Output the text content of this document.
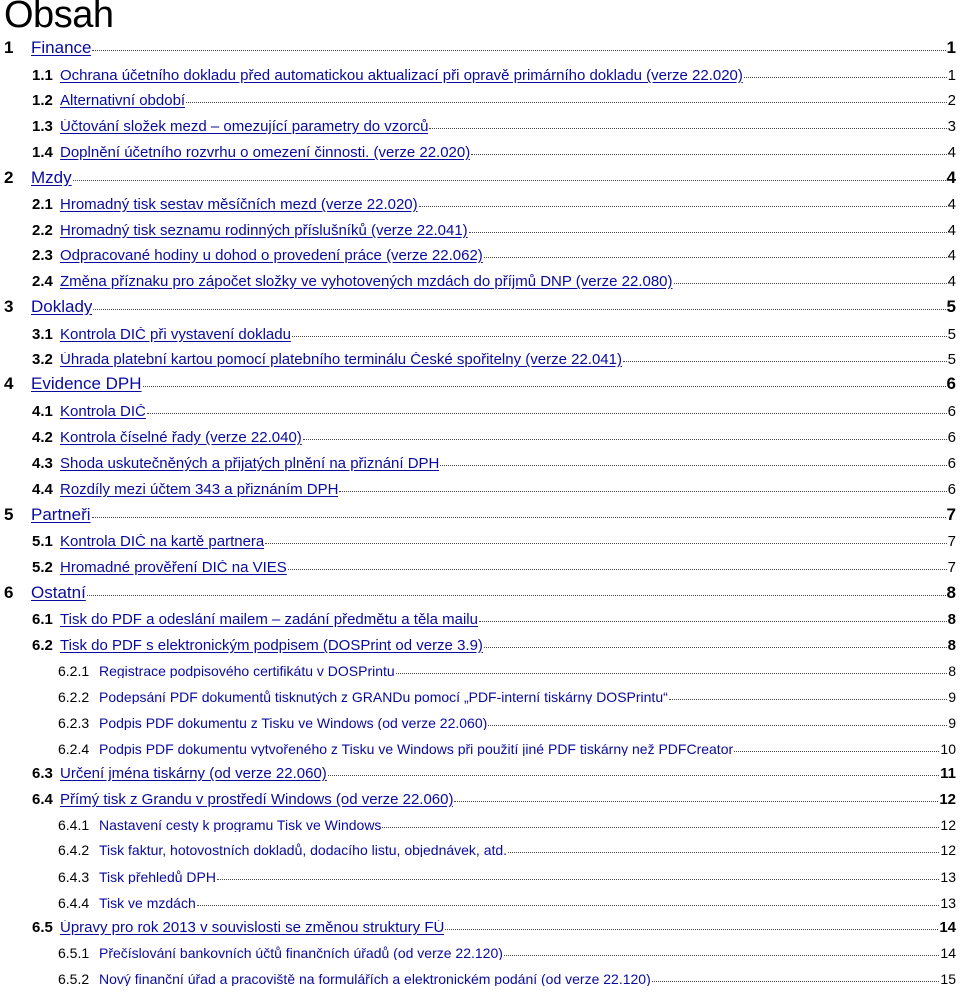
Obsah
1	Finance	1
1.1 Ochrana účetního dokladu před automatickou aktualizací při opravě primárního dokladu (verze 22.020)	1
1.2 Alternativní období	2
1.3 Účtování složek mezd – omezující parametry do vzorců	3
1.4 Doplnění účetního rozvrhu o omezení činnosti. (verze 22.020)	4
2	Mzdy	4
2.1 Hromadný tisk sestav měsíčních mezd (verze 22.020)	4
2.2 Hromadný tisk seznamu rodinných příslušníků (verze 22.041)	4
2.3 Odpracované hodiny u dohod o provedení práce (verze 22.062)	4
2.4 Změna příznaku pro zápočet složky ve vyhotovených mzdách do příjmů DNP (verze 22.080)	4
3	Doklady	5
3.1 Kontrola DIČ při vystavení dokladu	5
3.2 Úhrada platební kartou pomocí platebního terminálu České spořitelny (verze 22.041)	5
4	Evidence DPH	6
4.1 Kontrola DIČ	6
4.2 Kontrola číselné řady (verze 22.040)	6
4.3 Shoda uskutečněných a přijatých plnění na přiznání DPH	6
4.4 Rozdíly mezi účtem 343 a přiznáním DPH	6
5	Partneři	7
5.1 Kontrola DIČ na kartě partnera	7
5.2 Hromadné prověření DIČ na VIES	7
6	Ostatní	8
6.1 Tisk do PDF a odeslání mailem – zadání předmětu a těla mailu	8
6.2 Tisk do PDF s elektronickým podpisem (DOSPrint od verze 3.9)	8
6.2.1 Registrace podpisového certifikátu v DOSPrintu	8
6.2.2 Podepsání PDF dokumentů tisknutých z GRANDu pomocí „PDF-interní tiskárny DOSPrintu“	9
6.2.3 Podpis PDF dokumentu z Tisku ve Windows (od verze 22.060)	9
6.2.4 Podpis PDF dokumentu vytvořeného z Tisku ve Windows při použití jiné PDF tiskárny než PDFCreator	10
6.3 Určení jména tiskárny (od verze 22.060)	11
6.4 Přímý tisk z Grandu v prostředí Windows (od verze 22.060)	12
6.4.1 Nastavení cesty k programu Tisk ve Windows	12
6.4.2 Tisk faktur, hotovostních dokladů, dodacího listu, objednávek, atd.	12
6.4.3 Tisk přehledů DPH	13
6.4.4 Tisk ve mzdách	13
6.5 Úpravy pro rok 2013 v souvislosti se změnou struktury FÚ	14
6.5.1 Přečíslování bankovních účtů finančních úřadů (od verze 22.120)	14
6.5.2 Nový finanční úřad a pracoviště na formulářích a elektronickém podání (od verze 22.120)	15
